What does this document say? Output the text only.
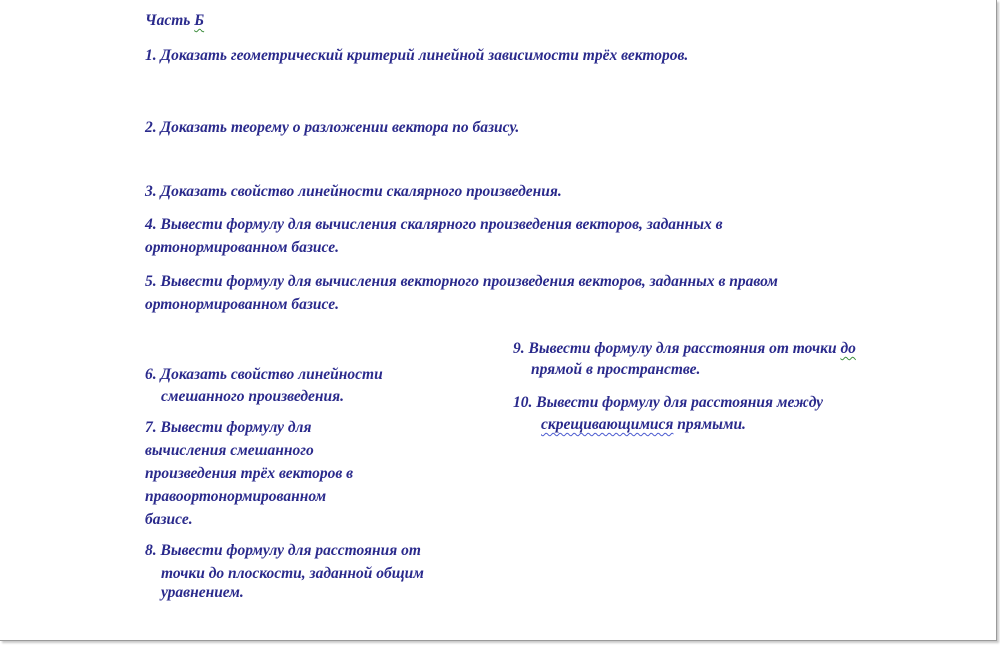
Часть Б
1. Доказать геометрический критерий линейной зависимости трёх векторов.
2. Доказать теорему о разложении вектора по базису.
3. Доказать свойство линейности скалярного произведения.
4. Вывести формулу для вычисления скалярного произведения векторов, заданных в
ортонормированном базисе.
5. Вывести формулу для вычисления векторного произведения векторов, заданных в правом
ортонормированном базисе.
6. Доказать свойство линейности
смешанного произведения.
7. Вывести формулу для
вычисления смешанного
произведения трёх векторов в
правоортонормированном
базисе.
8. Вывести формулу для расстояния от
точки до плоскости, заданной общим
уравнением.
9. Вывести формулу для расстояния от точки до
прямой в пространстве.
10. Вывести формулу для расстояния между
скрещивающимися прямыми.
